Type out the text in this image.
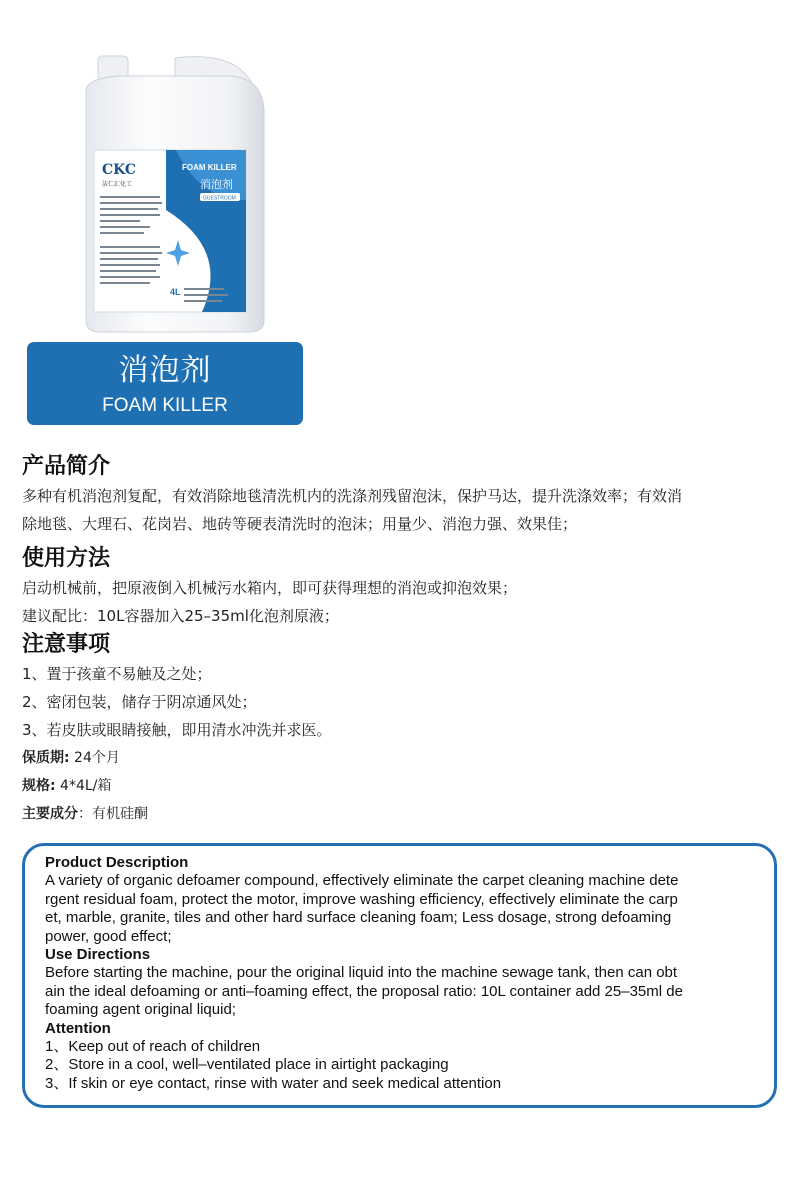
CKC
洁仁汇化工
FOAM KILLER
消泡剂
GUESTROOM
4L
消泡剂
FOAM KILLER
产品简介

多种有机消泡剂复配，有效消除地毯清洗机内的洗涤剂残留泡沫，保护马达，提升洗涤效率；有效消

除地毯、大理石、花岗岩、地砖等硬表清洗时的泡沫；用量少、消泡力强、效果佳；

使用方法

启动机械前，把原液倒入机械污水箱内，即可获得理想的消泡或抑泡效果；

建议配比：10L容器加入25–35ml化泡剂原液；

注意事项

1、置于孩童不易触及之处；

2、密闭包装，储存于阴凉通风处；

3、若皮肤或眼睛接触，即用清水冲洗并求医。

保质期: 24个月

规格: 4*4L/箱

主要成分：有机硅酮

Product Description
A variety of organic defoamer compound, effectively eliminate the carpet cleaning machine dete
rgent residual foam, protect the motor, improve washing efficiency, effectively eliminate the carp
et, marble, granite, tiles and other hard surface cleaning foam; Less dosage, strong defoaming
power, good effect;
Use Directions
Before starting the machine, pour the original liquid into the machine sewage tank, then can obt
ain the ideal defoaming or anti–foaming effect, the proposal ratio: 10L container add 25–35ml de
foaming agent original liquid;
Attention
1、Keep out of reach of children
2、Store in a cool, well–ventilated place in airtight packaging
3、If skin or eye contact, rinse with water and seek medical attention
